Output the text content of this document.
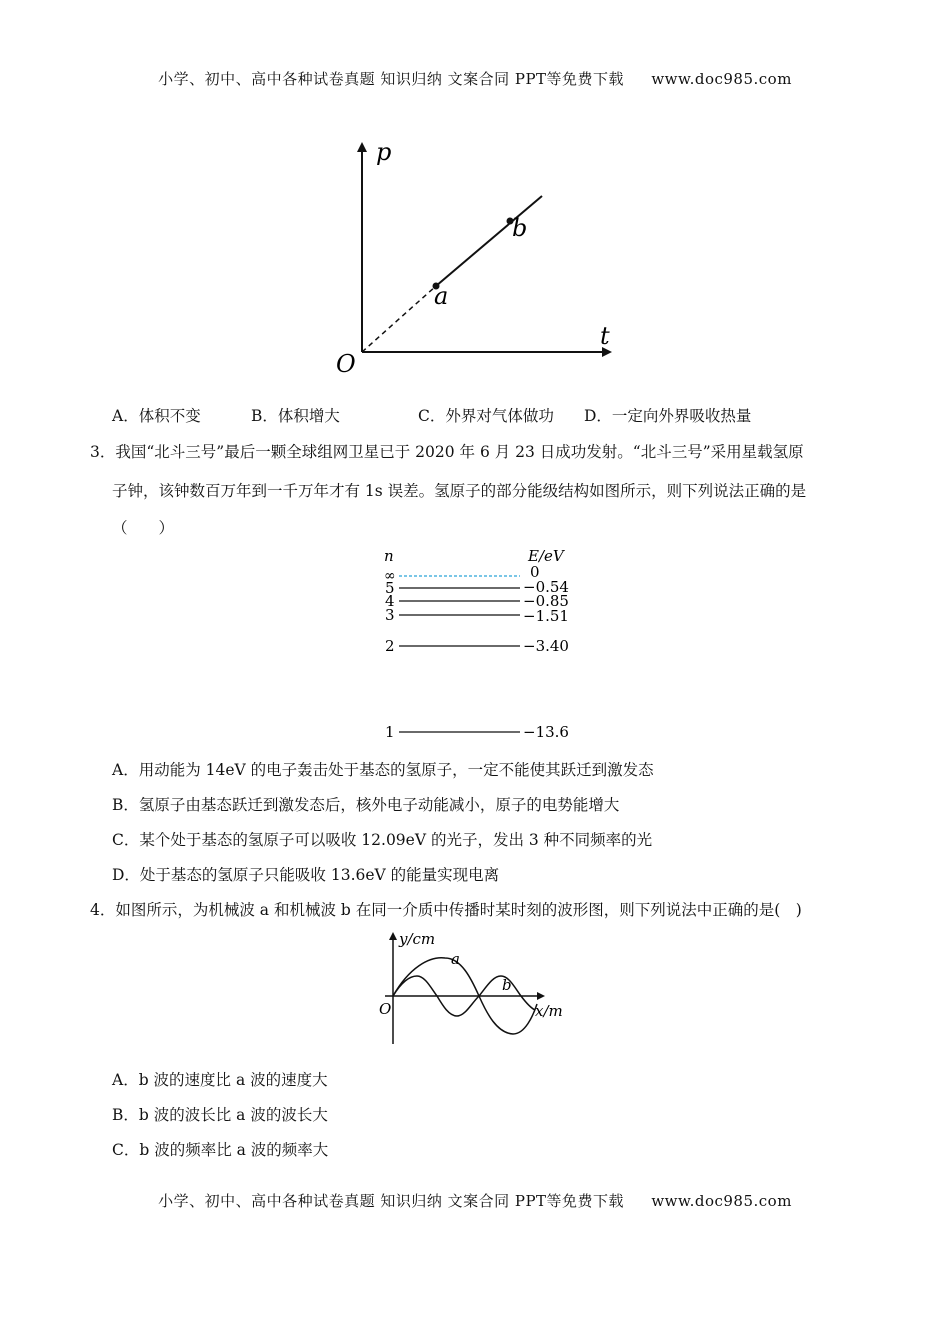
小学、初中、高中各种试卷真题 知识归纳 文案合同 PPT等免费下载 www.doc985.com
p
t
O
a
b
A．体积不变	B．体积增大	C．外界对气体做功 D．一定向外界吸收热量
3．我国“北斗三号”最后一颗全球组网卫星已于 2020 年 6 月 23 日成功发射。“北斗三号”采用星载氢原
子钟，该钟数百万年到一千万年才有 1s 误差。氢原子的部分能级结构如图所示，则下列说法正确的是
（　　）
n	E/eV
∞	0
5	−0.54
4	−0.85
3	−1.51
2	−3.40
1	−13.6
A．用动能为 14eV 的电子轰击处于基态的氢原子，一定不能使其跃迁到激发态
B．氢原子由基态跃迁到激发态后，核外电子动能减小，原子的电势能增大
C．某个处于基态的氢原子可以吸收 12.09eV 的光子，发出 3 种不同频率的光
D．处于基态的氢原子只能吸收 13.6eV 的能量实现电离
4．如图所示，为机械波 a 和机械波 b 在同一介质中传播时某时刻的波形图，则下列说法中正确的是(　)
y/cm
x/m
O
a
b
A．b 波的速度比 a 波的速度大
B．b 波的波长比 a 波的波长大
C．b 波的频率比 a 波的频率大
小学、初中、高中各种试卷真题 知识归纳 文案合同 PPT等免费下载 www.doc985.com
